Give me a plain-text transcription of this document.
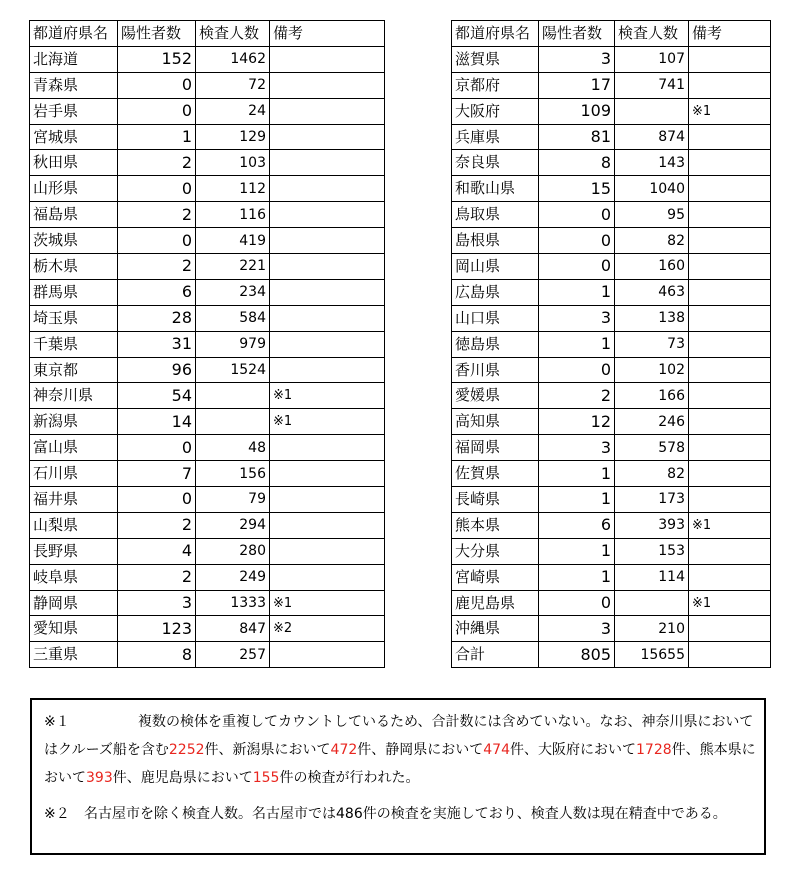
都道府県名	陽性者数	検査人数	備考
北海道	152	1462	
青森県	0	72	
岩手県	0	24	
宮城県	1	129	
秋田県	2	103	
山形県	0	112	
福島県	2	116	
茨城県	0	419	
栃木県	2	221	
群馬県	6	234	
埼玉県	28	584	
千葉県	31	979	
東京都	96	1524	
神奈川県	54		※1
新潟県	14		※1
富山県	0	48	
石川県	7	156	
福井県	0	79	
山梨県	2	294	
長野県	4	280	
岐阜県	2	249	
静岡県	3	1333	※1
愛知県	123	847	※2
三重県	8	257	
都道府県名	陽性者数	検査人数	備考
滋賀県	3	107	
京都府	17	741	
大阪府	109		※1
兵庫県	81	874	
奈良県	8	143	
和歌山県	15	1040	
鳥取県	0	95	
島根県	0	82	
岡山県	0	160	
広島県	1	463	
山口県	3	138	
徳島県	1	73	
香川県	0	102	
愛媛県	2	166	
高知県	12	246	
福岡県	3	578	
佐賀県	1	82	
長崎県	1	173	
熊本県	6	393	※1
大分県	1	153	
宮崎県	1	114	
鹿児島県	0		※1
沖縄県	3	210	
合計	805	15655	
※１	複数の検体を重複してカウントしているため、合計数には含めていない。なお、神奈川県においてはクルーズ船を含む2252件、新潟県において472件、静岡県において474件、大阪府において1728件、熊本県において393件、鹿児島県において155件の検査が行われた。
※２	名古屋市を除く検査人数。名古屋市では486件の検査を実施しており、検査人数は現在精査中である。
